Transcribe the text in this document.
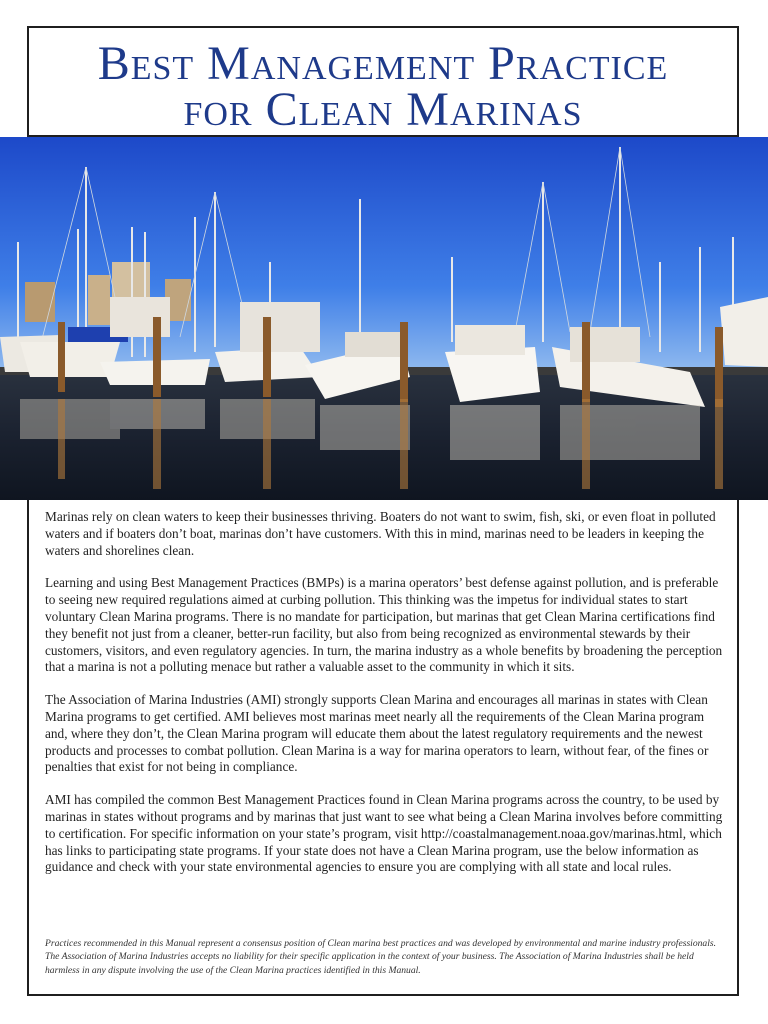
Best Management Practice
for Clean Marinas

Marinas rely on clean waters to keep their businesses thriving. Boaters do not want to swim, fish, ski, or even float in polluted waters and if boaters don’t boat, marinas don’t have customers. With this in mind, marinas need to be leaders in keeping the waters and shorelines clean.

Learning and using Best Management Practices (BMPs) is a marina operators’ best defense against pollution, and is preferable to seeing new required regulations aimed at curbing pollution. This thinking was the impetus for individual states to start voluntary Clean Marina programs. There is no mandate for participation, but marinas that get Clean Marina certifications find they benefit not just from a cleaner, better-run facility, but also from being recognized as environmental stewards by their customers, visitors, and even regulatory agencies. In turn, the marina industry as a whole benefits by broadening the perception that a marina is not a polluting menace but rather a valuable asset to the community in which it sits.

The Association of Marina Industries (AMI) strongly supports Clean Marina and encourages all marinas in states with Clean Marina programs to get certified. AMI believes most marinas meet nearly all the requirements of the Clean Marina program and, where they don’t, the Clean Marina program will educate them about the latest regulatory requirements and the newest products and processes to combat pollution. Clean Marina is a way for marina operators to learn, without fear, of the fines or penalties that exist for not being in compliance.

AMI has compiled the common Best Management Practices found in Clean Marina programs across the country, to be used by marinas in states without programs and by marinas that just want to see what being a Clean Marina involves before committing to certification. For specific information on your state’s program, visit http://coastalmanagement.noaa.gov/marinas.html, which has links to participating state programs. If your state does not have a Clean Marina program, use the below information as guidance and check with your state environmental agencies to ensure you are complying with all state and local rules.

Practices recommended in this Manual represent a consensus position of Clean marina best practices and was developed by environmental and marine industry professionals. The Association of Marina Industries accepts no liability for their specific application in the context of your business. The Association of Marina Industries shall be held harmless in any dispute involving the use of the Clean Marina practices identified in this Manual.
